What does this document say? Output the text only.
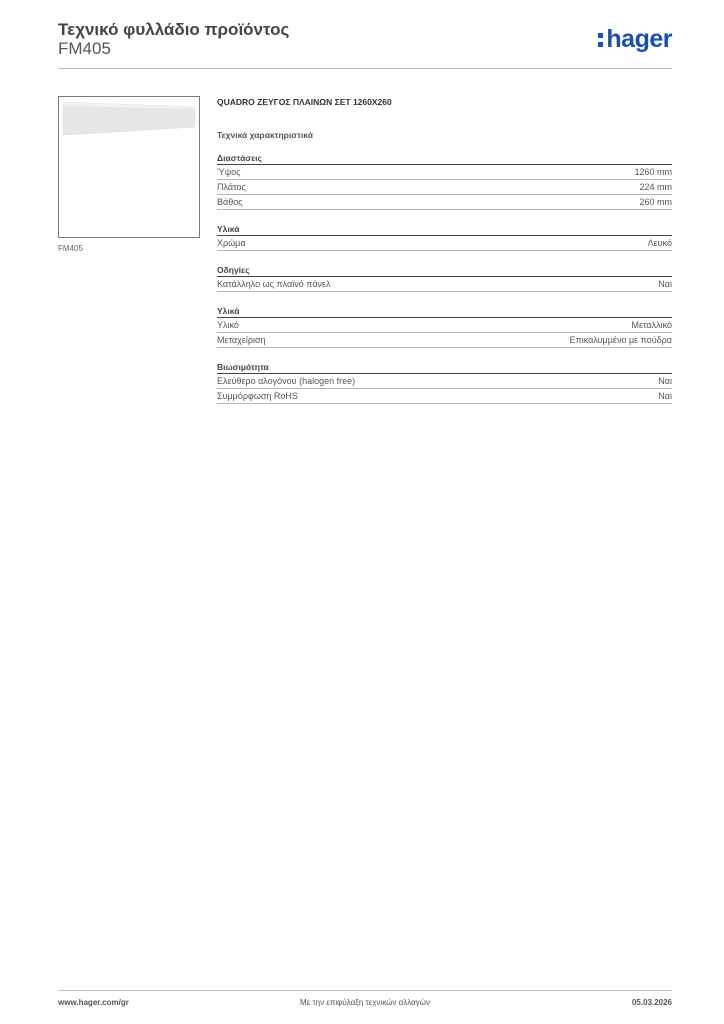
Τεχνικό φυλλάδιο προϊόντος
FM405	hager
FM405
QUADRO ΖΕΥΓΟΣ ΠΛΑΙΝΩΝ ΣΕΤ 1260X260
Τεχνικά χαρακτηριστικά
Διαστάσεις
Ύψος	1260 mm
Πλάτος	224 mm
Βάθος	260 mm
Υλικά
Χρώμα	Λευκό
Οδηγίες
Κατάλληλο ως πλαϊνό πάνελ	Ναι
Υλικά
Υλικό	Μεταλλικό
Μεταχείριση	Επικαλυμμένο με πούδρα
Βιωσιμότητα
Ελεύθερο αλογόνου (halogen free)	Ναι
Συμμόρφωση RoHS	Ναι
www.hager.com/gr	Με την επιφύλαξη τεχνικών αλλαγών	05.03.2026
